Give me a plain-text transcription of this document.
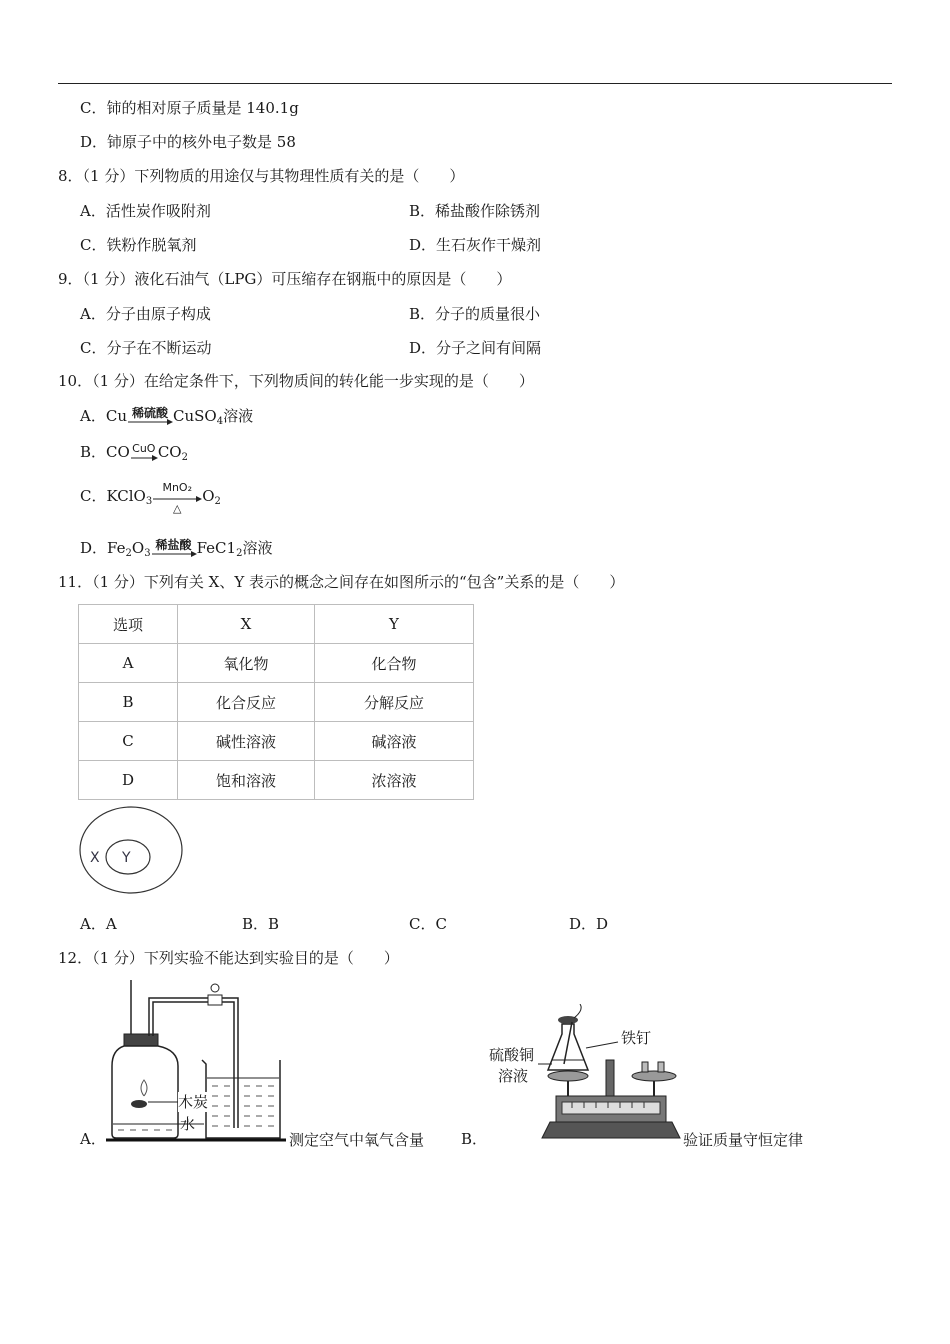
C．铈的相对原子质量是 140.1g
D．铈原子中的核外电子数是 58
8．（1 分）下列物质的用途仅与其物理性质有关的是（　　）
A．活性炭作吸附剂	B．稀盐酸作除锈剂
C．铁粉作脱氧剂	D．生石灰作干燥剂
9．（1 分）液化石油气（LPG）可压缩存在钢瓶中的原因是（　　）
A．分子由原子构成	B．分子的质量很小
C．分子在不断运动	D．分子之间有间隔
10．（1 分）在给定条件下，下列物质间的转化能一步实现的是（　　）
A．Cu 稀硫酸 CuSO$_4$溶液
B．CO CuO $CO_2$
C．KClO$_3$
MnO₂
△
$O_2$
D．$Fe_2O_3$
稀盐酸 $FeC1_2$溶液
11．（1 分）下列有关 X、Y 表示的概念之间存在如图所示的“包含”关系的是（　　）
选项	X	Y
A	氧化物	化合物
B	化合反应	分解反应
C	碱性溶液	碱溶液
D	饱和溶液	浓溶液
X Y
A．A	B．B	C．C	D．D
12．（1 分）下列实验不能达到实验目的是（　　）
A．
木炭
水
测定空气中氧气含量 B．
铁钉
硫酸铜
溶液
验证质量守恒定律
